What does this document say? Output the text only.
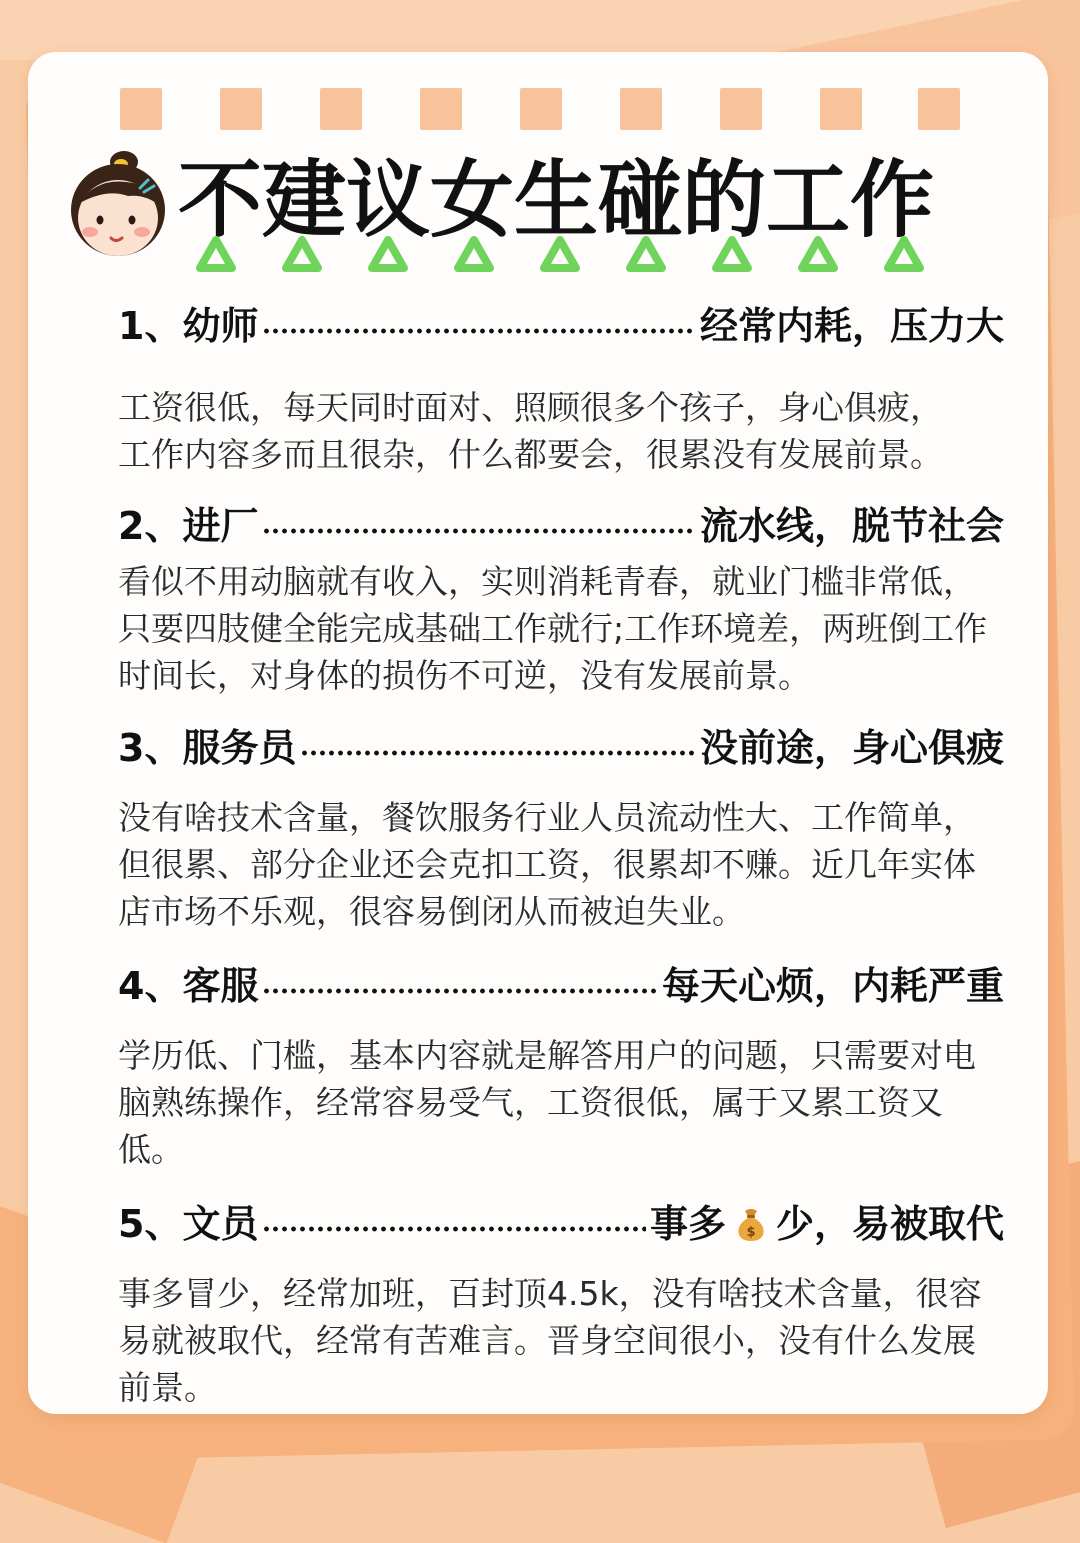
不建议女生碰的工作
1、幼师	经常内耗，压力大

工资很低，每天同时面对、照顾很多个孩子，身心俱疲，
工作内容多而且很杂，什么都要会，很累没有发展前景。

2、进厂	流水线，脱节社会

看似不用动脑就有收入，实则消耗青春，就业门槛非常低，
只要四肢健全能完成基础工作就行;工作环境差，两班倒工作
时间长，对身体的损伤不可逆，没有发展前景。

3、服务员	没前途，身心俱疲

没有啥技术含量，餐饮服务行业人员流动性大、工作简单，
但很累、部分企业还会克扣工资，很累却不赚。近几年实体
店市场不乐观，很容易倒闭从而被迫失业。

4、客服	每天心烦，内耗严重

学历低、门槛，基本内容就是解答用户的问题，只需要对电
脑熟练操作，经常容易受气，工资很低，属于又累工资又
低。

5、文员	事多 $ 少，易被取代

事多冒少，经常加班，百封顶4.5k，没有啥技术含量，很容
易就被取代，经常有苦难言。晋身空间很小，没有什么发展
前景。
